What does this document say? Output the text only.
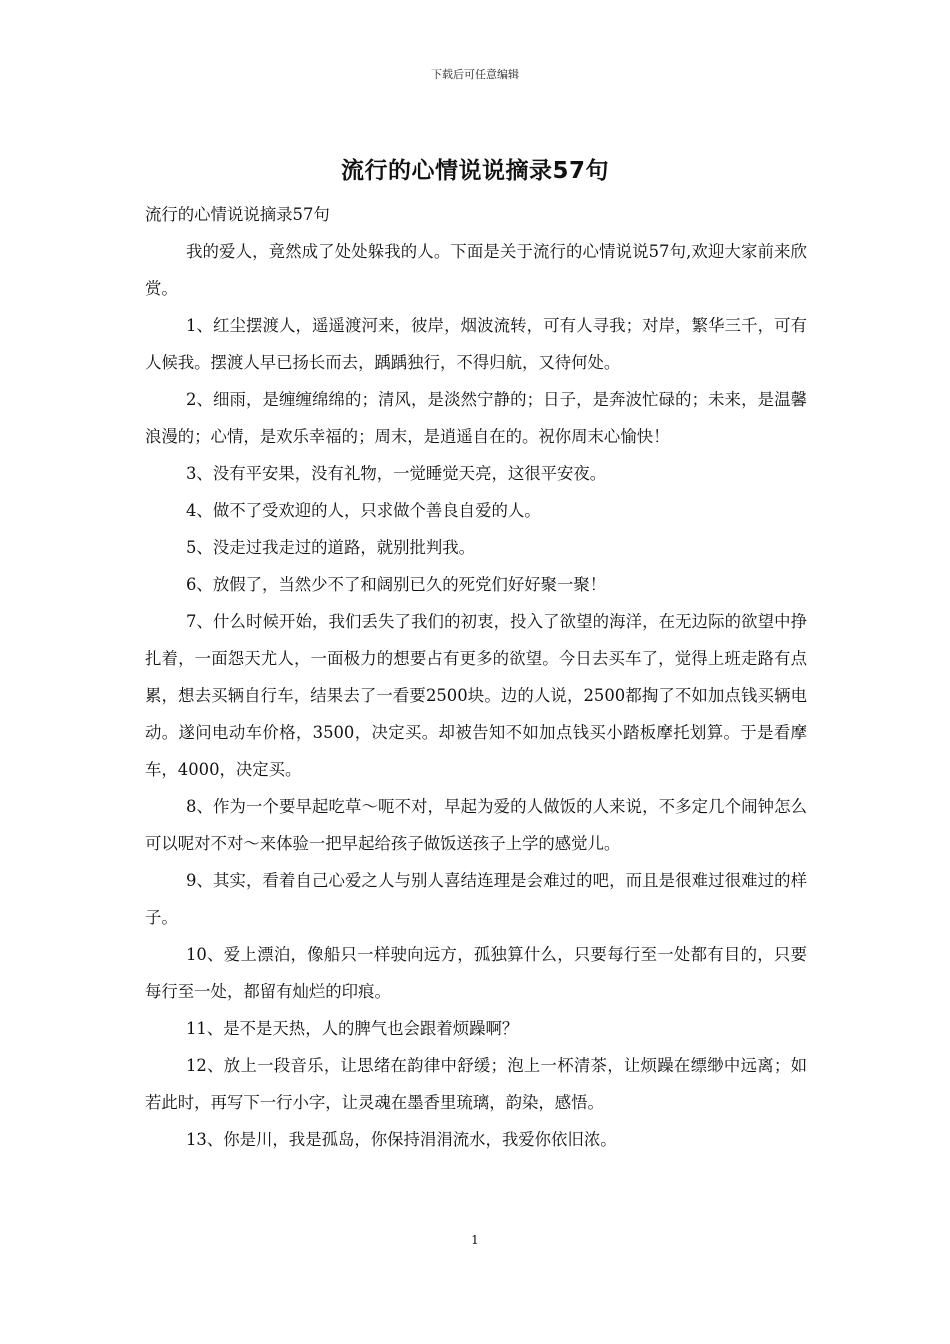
下载后可任意编辑
流行的心情说说摘录57句

流行的心情说说摘录57句

我的爱人，竟然成了处处躲我的人。下面是关于流行的心情说说57句,欢迎大家前来欣赏。

1、红尘摆渡人，遥遥渡河来，彼岸，烟波流转，可有人寻我；对岸，繁华三千，可有人候我。摆渡人早已扬长而去，踽踽独行，不得归航，又待何处。

2、细雨，是缠缠绵绵的；清风，是淡然宁静的；日子，是奔波忙碌的；未来，是温馨浪漫的；心情，是欢乐幸福的；周末，是逍遥自在的。祝你周末心愉快！

3、没有平安果，没有礼物，一觉睡觉天亮，这很平安夜。

4、做不了受欢迎的人，只求做个善良自爱的人。

5、没走过我走过的道路，就别批判我。

6、放假了，当然少不了和阔别已久的死党们好好聚一聚！

7、什么时候开始，我们丢失了我们的初衷，投入了欲望的海洋，在无边际的欲望中挣扎着，一面怨天尤人，一面极力的想要占有更多的欲望。今日去买车了，觉得上班走路有点累，想去买辆自行车，结果去了一看要2500块。边的人说，2500都掏了不如加点钱买辆电动。遂问电动车价格，3500，决定买。却被告知不如加点钱买小踏板摩托划算。于是看摩车，4000，决定买。

8、作为一个要早起吃草～呃不对，早起为爱的人做饭的人来说，不多定几个闹钟怎么可以呢对不对～来体验一把早起给孩子做饭送孩子上学的感觉儿。

9、其实，看着自己心爱之人与别人喜结连理是会难过的吧，而且是很难过很难过的样子。

10、爱上漂泊，像船只一样驶向远方，孤独算什么，只要每行至一处都有目的，只要每行至一处，都留有灿烂的印痕。

11、是不是天热，人的脾气也会跟着烦躁啊？

12、放上一段音乐，让思绪在韵律中舒缓；泡上一杯清茶，让烦躁在缥缈中远离；如若此时，再写下一行小字，让灵魂在墨香里琉璃，韵染，感悟。

13、你是川，我是孤岛，你保持涓涓流水，我爱你依旧浓。

1
